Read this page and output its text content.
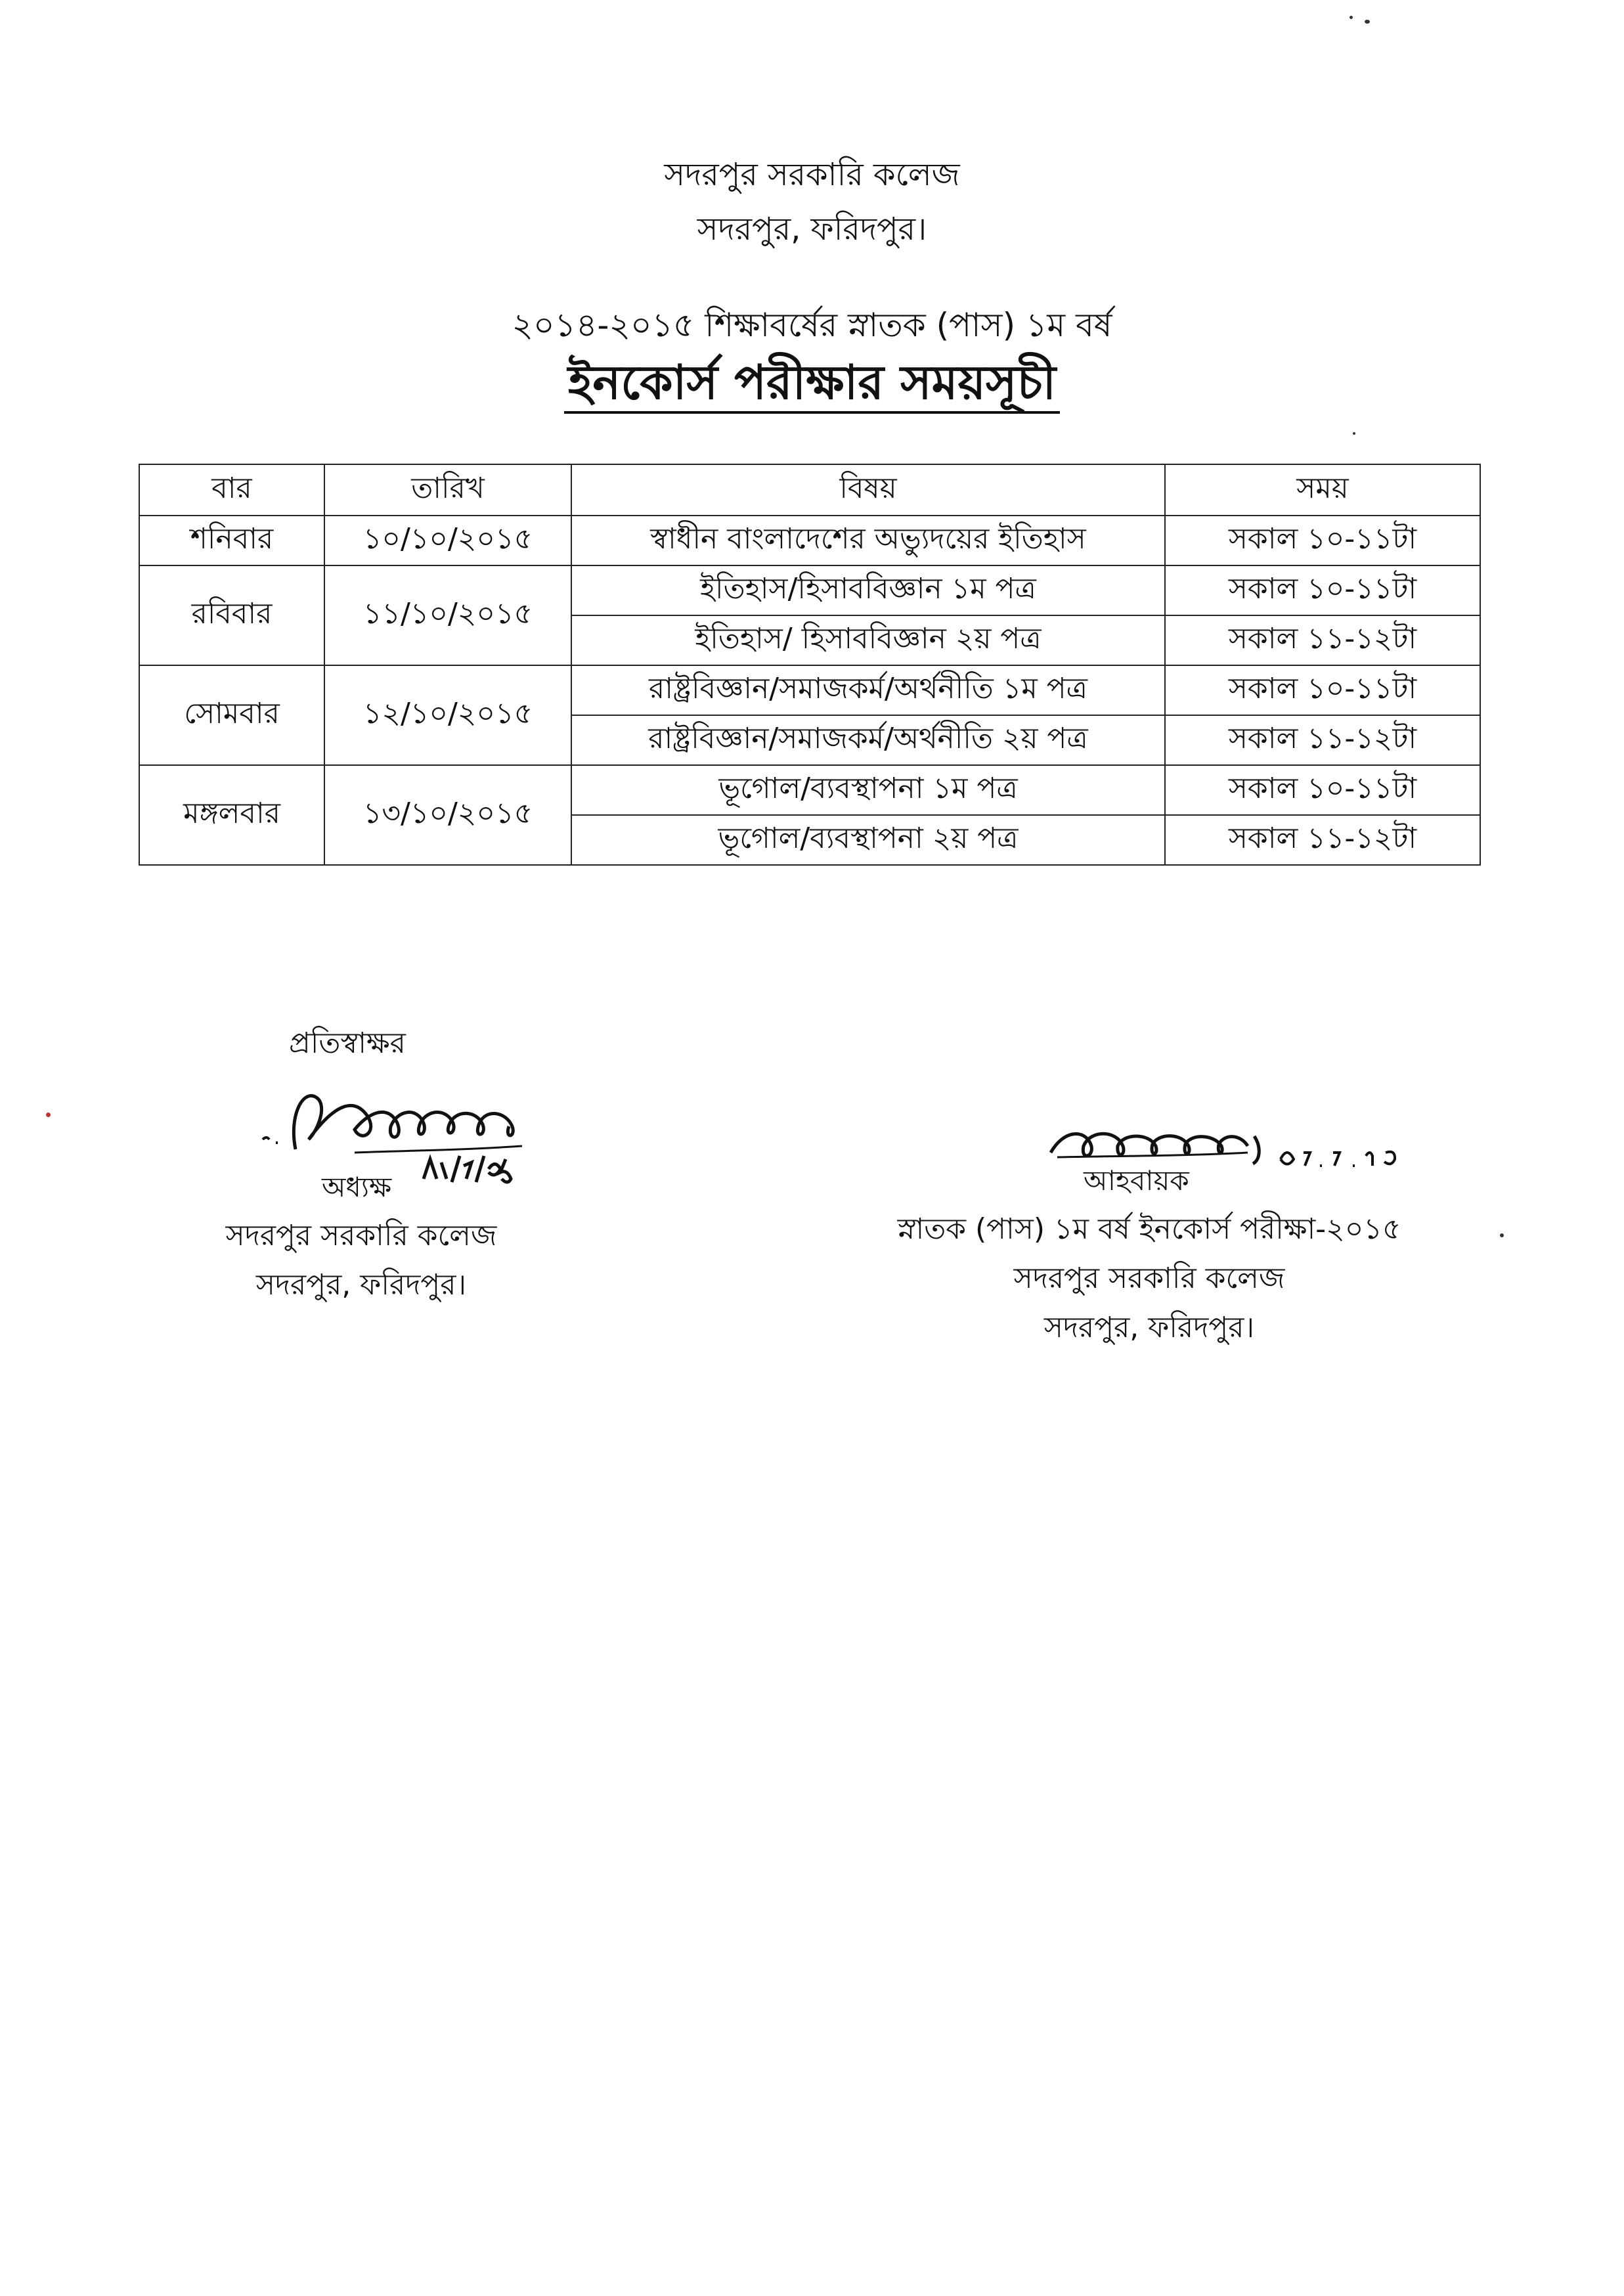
সদরপুর সরকারি কলেজ
সদরপুর, ফরিদপুর।
২০১৪-২০১৫ শিক্ষাবর্ষের স্নাতক (পাস) ১ম বর্ষ
ইনকোর্স পরীক্ষার সময়সূচী
বার	তারিখ	বিষয়	সময়
শনিবার	১০/১০/২০১৫	স্বাধীন বাংলাদেশের অভ্যুদয়ের ইতিহাস	সকাল ১০-১১টা
রবিবার	১১/১০/২০১৫	ইতিহাস/হিসাববিজ্ঞান ১ম পত্র	সকাল ১০-১১টা
		ইতিহাস/ হিসাববিজ্ঞান ২য় পত্র	সকাল ১১-১২টা
সোমবার	১২/১০/২০১৫	রাষ্ট্রবিজ্ঞান/সমাজকর্ম/অর্থনীতি ১ম পত্র	সকাল ১০-১১টা
		রাষ্ট্রবিজ্ঞান/সমাজকর্ম/অর্থনীতি ২য় পত্র	সকাল ১১-১২টা
মঙ্গলবার	১৩/১০/২০১৫	ভূগোল/ব্যবস্থাপনা ১ম পত্র	সকাল ১০-১১টা
		ভূগোল/ব্যবস্থাপনা ২য় পত্র	সকাল ১১-১২টা
প্রতিস্বাক্ষর
অধ্যক্ষ
সদরপুর সরকারি কলেজ
সদরপুর, ফরিদপুর।
আহবায়ক
স্নাতক (পাস) ১ম বর্ষ ইনকোর্স পরীক্ষা-২০১৫
সদরপুর সরকারি কলেজ
সদরপুর, ফরিদপুর।
